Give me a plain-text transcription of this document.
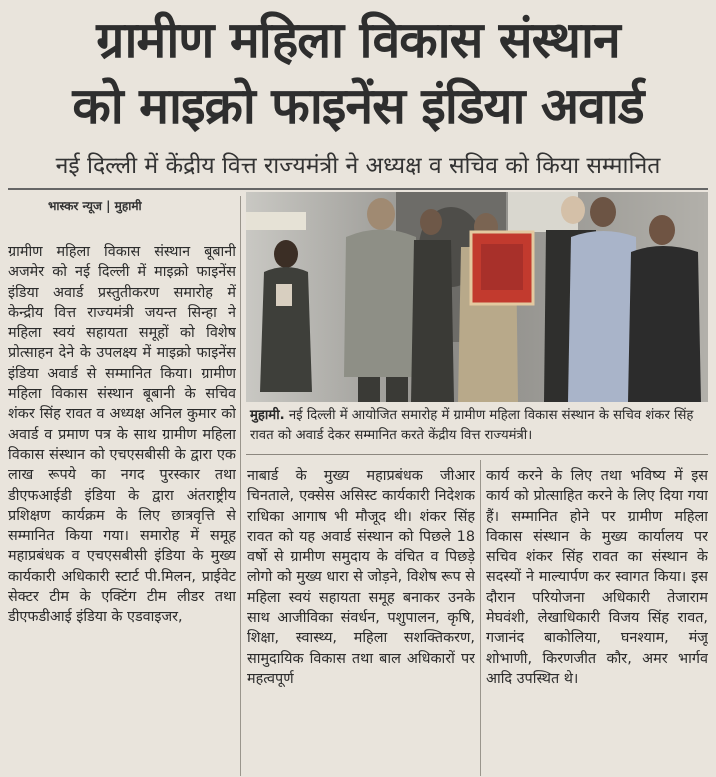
ग्रामीण महिला विकास संस्थान
को माइक्रो फाइनेंस इंडिया अवार्ड
नई दिल्ली में केंद्रीय वित्त राज्यमंत्री ने अध्यक्ष व सचिव को किया सम्मानित
भास्कर न्यूज | मुहामी

ग्रामीण महिला विकास संस्थान बूबानी अजमेर को नई दिल्ली में माइक्रो फाइनेंस इंडिया अवार्ड प्रस्तुतीकरण समारोह में केन्द्रीय वित्त राज्यमंत्री जयन्त सिन्हा ने महिला स्वयं सहायता समूहों को विशेष प्रोत्साहन देने के उपलक्ष्य में माइक्रो फाइनेंस इंडिया अवार्ड से सम्मानित किया। ग्रामीण महिला विकास संस्थान बूबानी के सचिव शंकर सिंह रावत व अध्यक्ष अनिल कुमार को अवार्ड व प्रमाण पत्र के साथ ग्रामीण महिला विकास संस्थान को एचएसबीसी के द्वारा एक लाख रूपये का नगद पुरस्कार तथा डीएफआईडी इंडिया के द्वारा अंतराष्ट्रीय प्रशिक्षण कार्यक्रम के लिए छात्रवृत्ति से सम्मानित किया गया। समारोह में समूह महाप्रबंधक व एचएसबीसी इंडिया के मुख्य कार्यकारी अधिकारी स्टार्ट पी.मिलन, प्राईवेट सेक्टर टीम के एक्टिंग टीम लीडर तथा डीएफडीआई इंडिया के एडवाइजर,

मुहामी. नई दिल्ली में आयोजित समारोह में ग्रामीण महिला विकास संस्थान के सचिव शंकर सिंह रावत को अवार्ड देकर सम्मानित करते केंद्रीय वित्त राज्यमंत्री।

नाबार्ड के मुख्य महाप्रबंधक जीआर चिनताले, एक्सेस असिस्ट कार्यकारी निदेशक राधिका आगाष भी मौजूद थी। शंकर सिंह रावत को यह अवार्ड संस्थान को पिछले 18 वर्षो से ग्रामीण समुदाय के वंचित व पिछड़े लोगो को मुख्य धारा से जोड़ने, विशेष रूप से महिला स्वयं सहायता समूह बनाकर उनके साथ आजीविका संवर्धन, पशुपालन, कृषि, शिक्षा, स्वास्थ्य, महिला सशक्तिकरण, सामुदायिक विकास तथा बाल अधिकारों पर महत्वपूर्ण

कार्य करने के लिए तथा भविष्य में इस कार्य को प्रोत्साहित करने के लिए दिया गया हैं। सम्मानित होने पर ग्रामीण महिला विकास संस्थान के मुख्य कार्यालय पर सचिव शंकर सिंह रावत का संस्थान के सदस्यों ने माल्यार्पण कर स्वागत किया। इस दौरान परियोजना अधिकारी तेजाराम मेघवंशी, लेखाधिकारी विजय सिंह रावत, गजानंद बाकोलिया, घनश्याम, मंजू शोभाणी, किरणजीत कौर, अमर भार्गव आदि उपस्थित थे।
